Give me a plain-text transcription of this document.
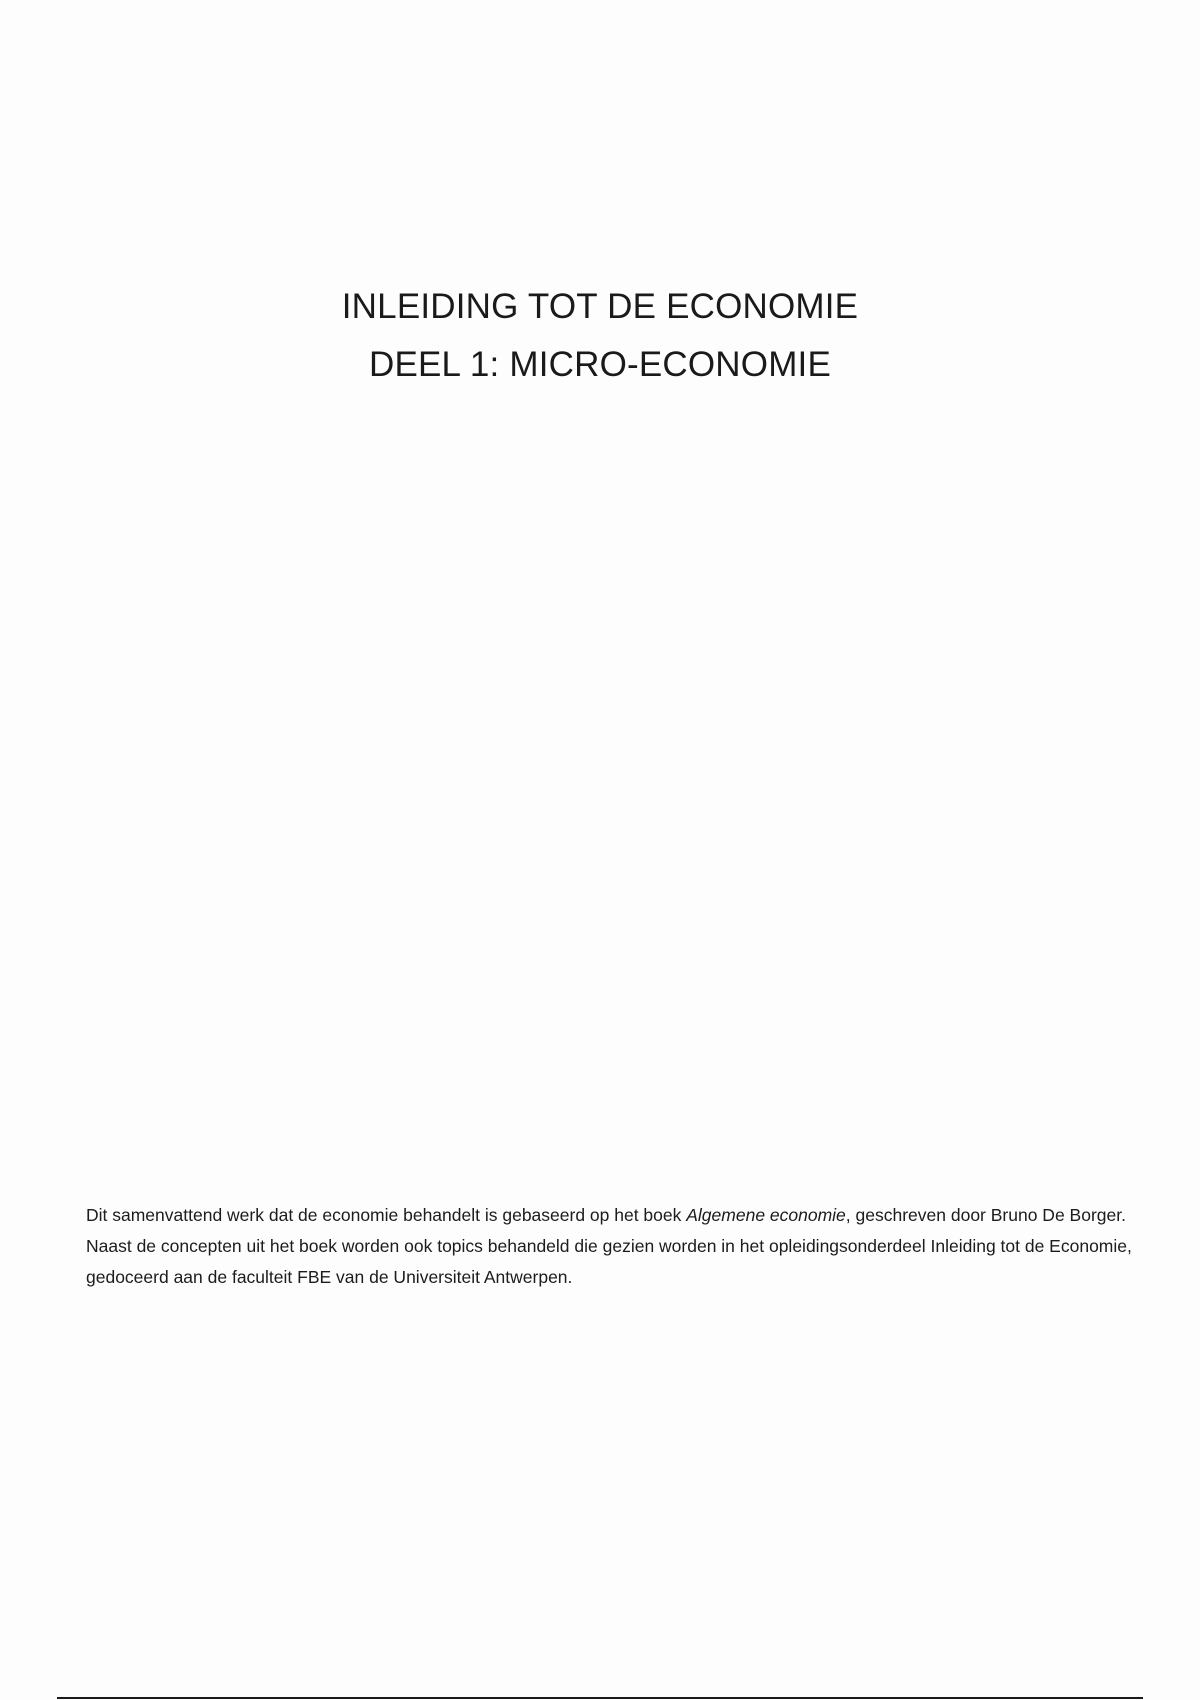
INLEIDING TOT DE ECONOMIE
DEEL 1: MICRO-ECONOMIE

Dit samenvattend werk dat de economie behandelt is gebaseerd op het boek Algemene economie, geschreven door Bruno De Borger. Naast de concepten uit het boek worden ook topics behandeld die gezien worden in het opleidingsonderdeel Inleiding tot de Economie, gedoceerd aan de faculteit FBE van de Universiteit Antwerpen.
